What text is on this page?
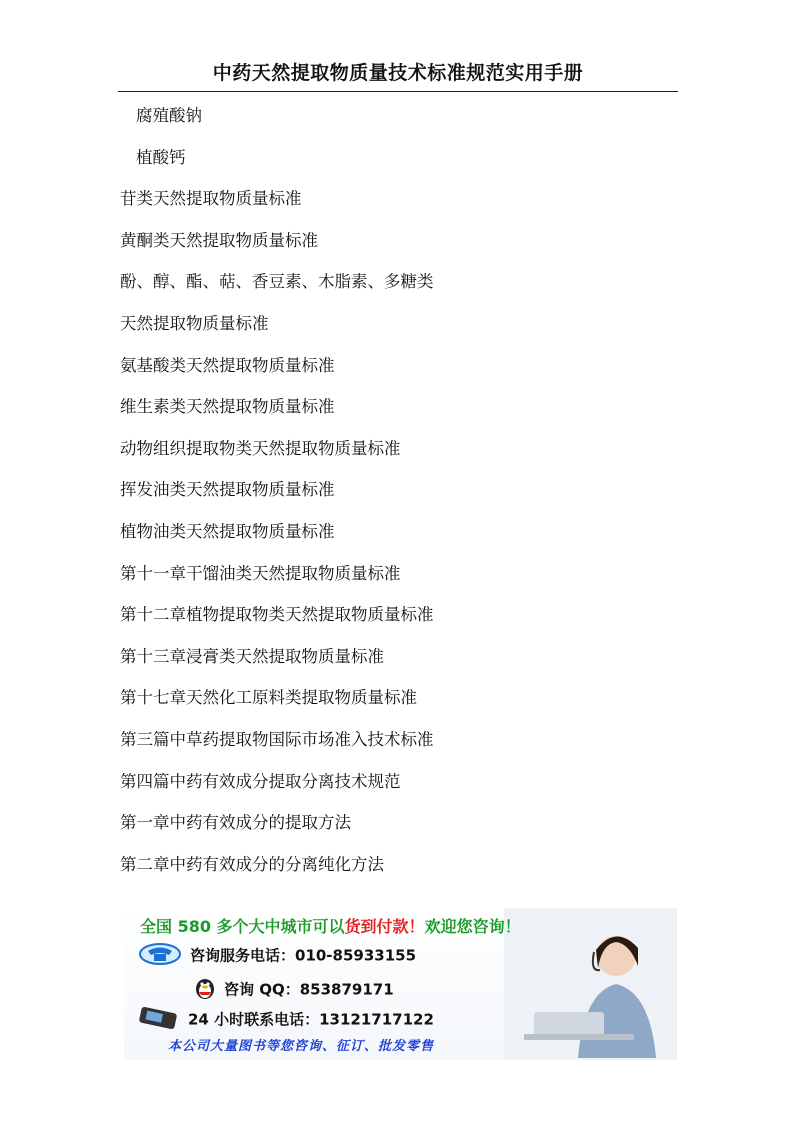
中药天然提取物质量技术标准规范实用手册
腐殖酸钠
植酸钙
苷类天然提取物质量标准
黄酮类天然提取物质量标准
酚、醇、酯、萜、香豆素、木脂素、多糖类
天然提取物质量标准
氨基酸类天然提取物质量标准
维生素类天然提取物质量标准
动物组织提取物类天然提取物质量标准
挥发油类天然提取物质量标准
植物油类天然提取物质量标准
第十一章干馏油类天然提取物质量标准
第十二章植物提取物类天然提取物质量标准
第十三章浸膏类天然提取物质量标准
第十七章天然化工原料类提取物质量标准
第三篇中草药提取物国际市场准入技术标准
第四篇中药有效成分提取分离技术规范
第一章中药有效成分的提取方法
第二章中药有效成分的分离纯化方法
全国 580 多个大中城市可以货到付款！欢迎您咨询！
咨询服务电话：010-85933155
咨询 QQ：853879171
24 小时联系电话：13121717122
本公司大量图书等您咨询、征订、批发零售
